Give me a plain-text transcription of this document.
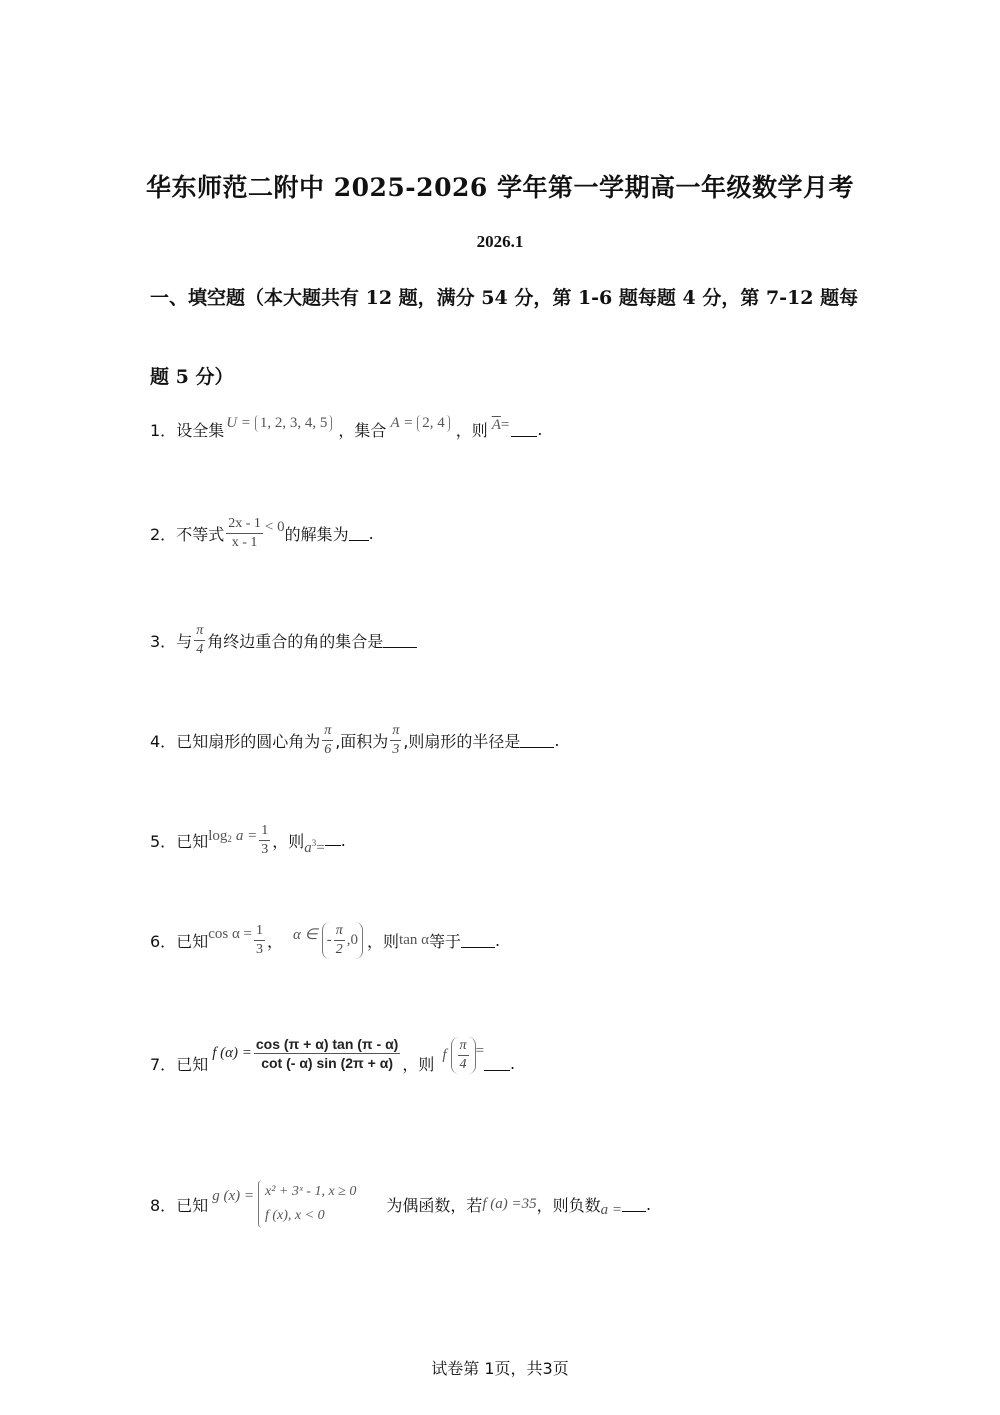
华东师范二附中 2025-2026 学年第一学期高一年级数学月考
2026.1
一、填空题（本大题共有 12 题，满分 54 分，第 1-6 题每题 4 分，第 7-12 题每
题 5 分）
1． 设全集 U = 1, 2, 3, 4, 5 ，集合 A = 2, 4 ，则 $\overline{A}$ = .
2． 不等式 $\frac{2x - 1}{x - 1} < 0$ 的解集为 .
3． 与 $\frac{\pi}{4}$ 角终边重合的角的集合是
4． 已知扇形的圆心角为 $\frac{\pi}{6}$ ,面积为 $\frac{\pi}{3}$ ,则扇形的半径是 .
5． 已知 log 2 $a = \frac{1}{3}$ ，则 a 3 = .
6． 已知 $\cos \alpha = \frac{1}{3}$ ， α ∈ - $\frac{\pi}{2} ,0$ ，则 tan α 等于 .
7． 已知
f $(\alpha) = \frac{\cos (\pi + \alpha) \tan (\pi - \alpha)}{\cot (- \alpha) \sin (2\pi + \alpha)}$ ，则 f $\frac{\pi}{4}$ =
.
8． 已知 g (x) = x² + 3ˣ - 1, x ≥ 0
f (x), x < 0
为偶函数，若 f (a) =35 ，则负数 a = .
试卷第 1页，共3页
